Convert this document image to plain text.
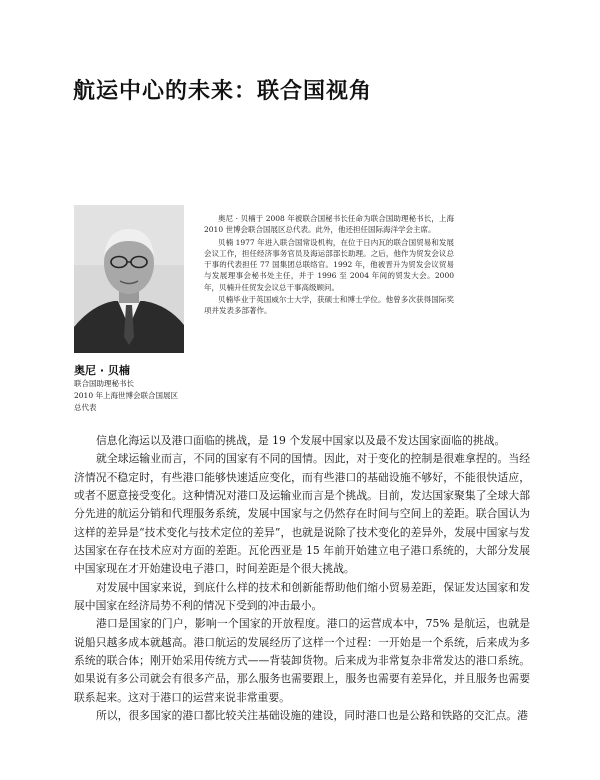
航运中心的未来：联合国视角
奥尼 · 贝楠
联合国助理秘书长
2010 年上海世博会联合国展区
总代表

奥尼 · 贝楠于 2008 年被联合国秘书长任命为联合国助理秘书长，上海 2010 世博会联合国展区总代表。此外，他还担任国际海洋学会主席。

贝楠 1977 年进入联合国常设机构，在位于日内瓦的联合国贸易和发展会议工作，担任经济事务官员及海运部部长助理。之后，他作为贸发会议总干事的代表担任 77 国集团总联络官。1992 年，他被晋升为贸发会议贸易与发展理事会秘书处主任，并于 1996 至 2004 年间的贸发大会。2000 年，贝楠升任贸发会议总干事高级顾问。

贝楠毕业于英国威尔士大学，获硕士和博士学位。他曾多次获得国际奖项并发表多部著作。

信息化海运以及港口面临的挑战，是 19 个发展中国家以及最不发达国家面临的挑战。

就全球运输业而言，不同的国家有不同的国情。因此，对于变化的控制是很难拿捏的。当经济情况不稳定时，有些港口能够快速适应变化，而有些港口的基础设施不够好，不能很快适应，或者不愿意接受变化。这种情况对港口及运输业而言是个挑战。目前，发达国家聚集了全球大部分先进的航运分销和代理服务系统，发展中国家与之仍然存在时间与空间上的差距。联合国认为这样的差异是“技术变化与技术定位的差异”，也就是说除了技术变化的差异外，发展中国家与发达国家在存在技术应对方面的差距。瓦伦西亚是 15 年前开始建立电子港口系统的，大部分发展中国家现在才开始建设电子港口，时间差距是个很大挑战。

对发展中国家来说，到底什么样的技术和创新能帮助他们缩小贸易差距，保证发达国家和发展中国家在经济局势不利的情况下受到的冲击最小。

港口是国家的门户，影响一个国家的开放程度。港口的运营成本中，75% 是航运，也就是说船只越多成本就越高。港口航运的发展经历了这样一个过程：一开始是一个系统，后来成为多系统的联合体；刚开始采用传统方式——背装卸货物。后来成为非常复杂非常发达的港口系统。如果说有多公司就会有很多产品，那么服务也需要跟上，服务也需要有差异化，并且服务也需要联系起来。这对于港口的运营来说非常重要。

所以，很多国家的港口都比较关注基础设施的建设，同时港口也是公路和铁路的交汇点。港
